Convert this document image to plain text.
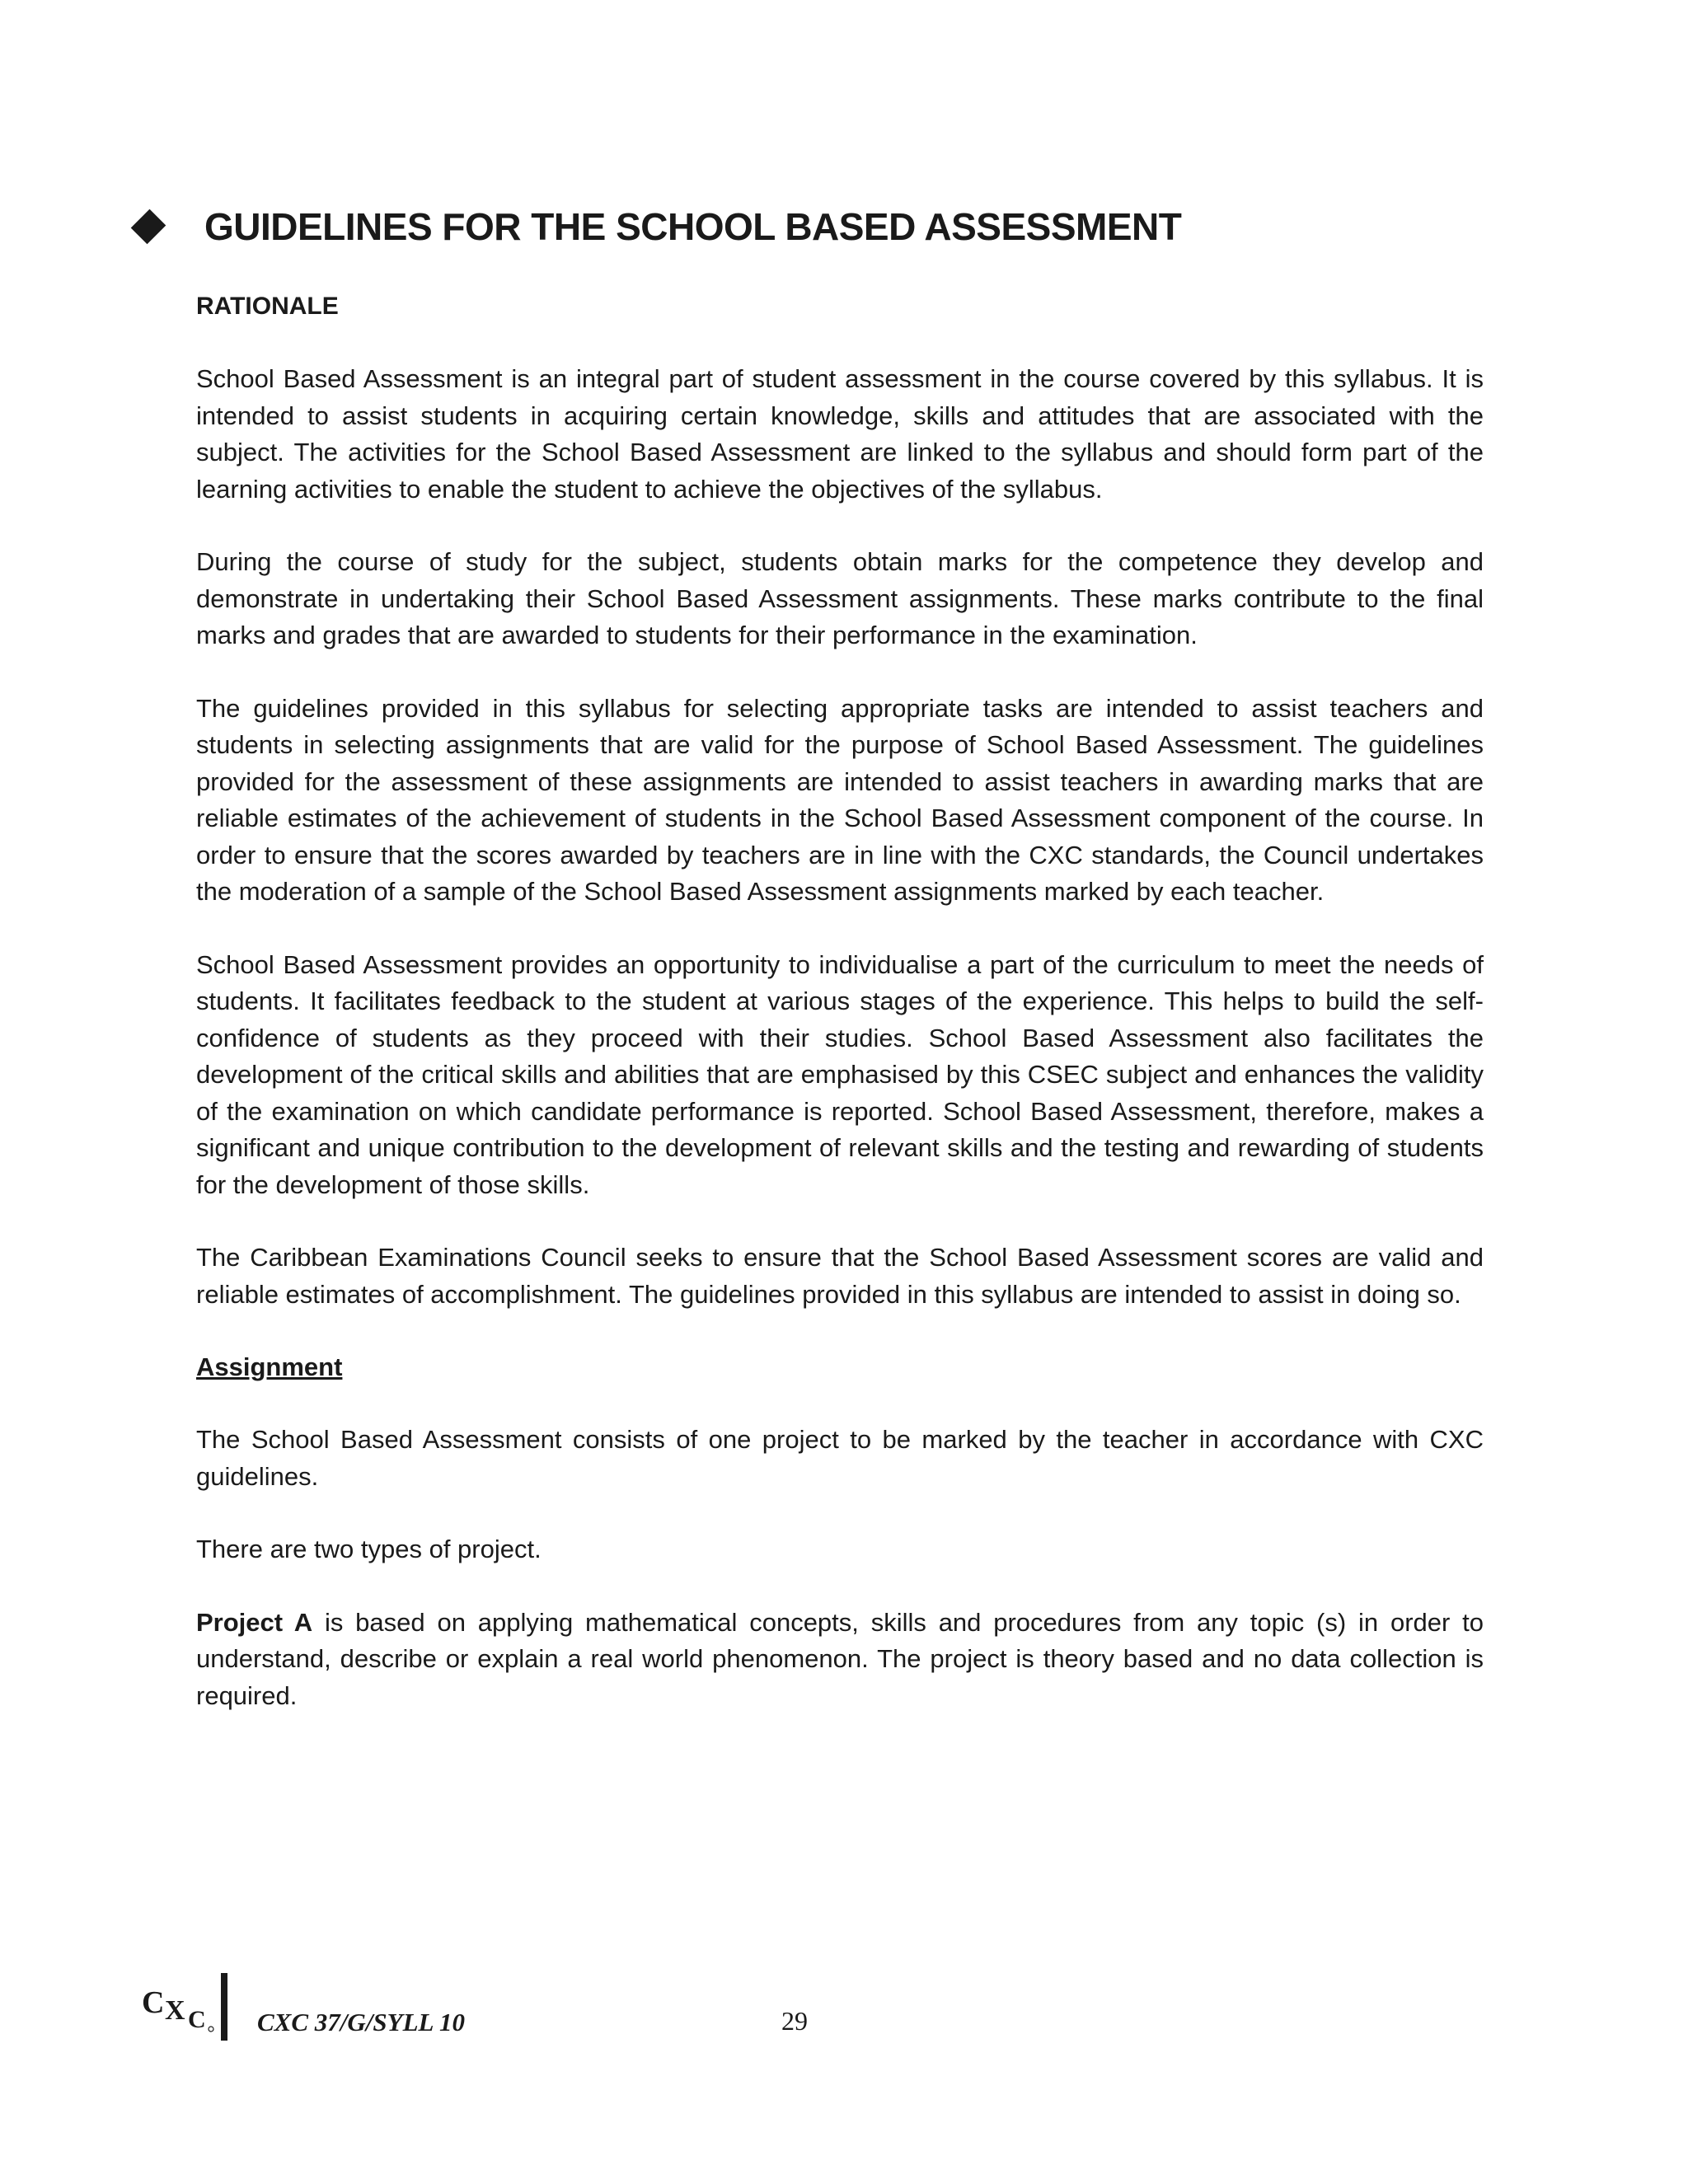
GUIDELINES FOR THE SCHOOL BASED ASSESSMENT
RATIONALE

School Based Assessment is an integral part of student assessment in the course covered by this syllabus. It is intended to assist students in acquiring certain knowledge, skills and attitudes that are associated with the subject. The activities for the School Based Assessment are linked to the syllabus and should form part of the learning activities to enable the student to achieve the objectives of the syllabus.

During the course of study for the subject, students obtain marks for the competence they develop and demonstrate in undertaking their School Based Assessment assignments. These marks contribute to the final marks and grades that are awarded to students for their performance in the examination.

The guidelines provided in this syllabus for selecting appropriate tasks are intended to assist teachers and students in selecting assignments that are valid for the purpose of School Based Assessment. The guidelines provided for the assessment of these assignments are intended to assist teachers in awarding marks that are reliable estimates of the achievement of students in the School Based Assessment component of the course. In order to ensure that the scores awarded by teachers are in line with the CXC standards, the Council undertakes the moderation of a sample of the School Based Assessment assignments marked by each teacher.

School Based Assessment provides an opportunity to individualise a part of the curriculum to meet the needs of students. It facilitates feedback to the student at various stages of the experience. This helps to build the self-confidence of students as they proceed with their studies. School Based Assessment also facilitates the development of the critical skills and abilities that are emphasised by this CSEC subject and enhances the validity of the examination on which candidate performance is reported. School Based Assessment, therefore, makes a significant and unique contribution to the development of relevant skills and the testing and rewarding of students for the development of those skills.

The Caribbean Examinations Council seeks to ensure that the School Based Assessment scores are valid and reliable estimates of accomplishment. The guidelines provided in this syllabus are intended to assist in doing so.

Assignment

The School Based Assessment consists of one project to be marked by the teacher in accordance with CXC guidelines.

There are two types of project.

Project A is based on applying mathematical concepts, skills and procedures from any topic (s) in order to understand, describe or explain a real world phenomenon. The project is theory based and no data collection is required.

C X C CXC 37/G/SYLL 10	29
